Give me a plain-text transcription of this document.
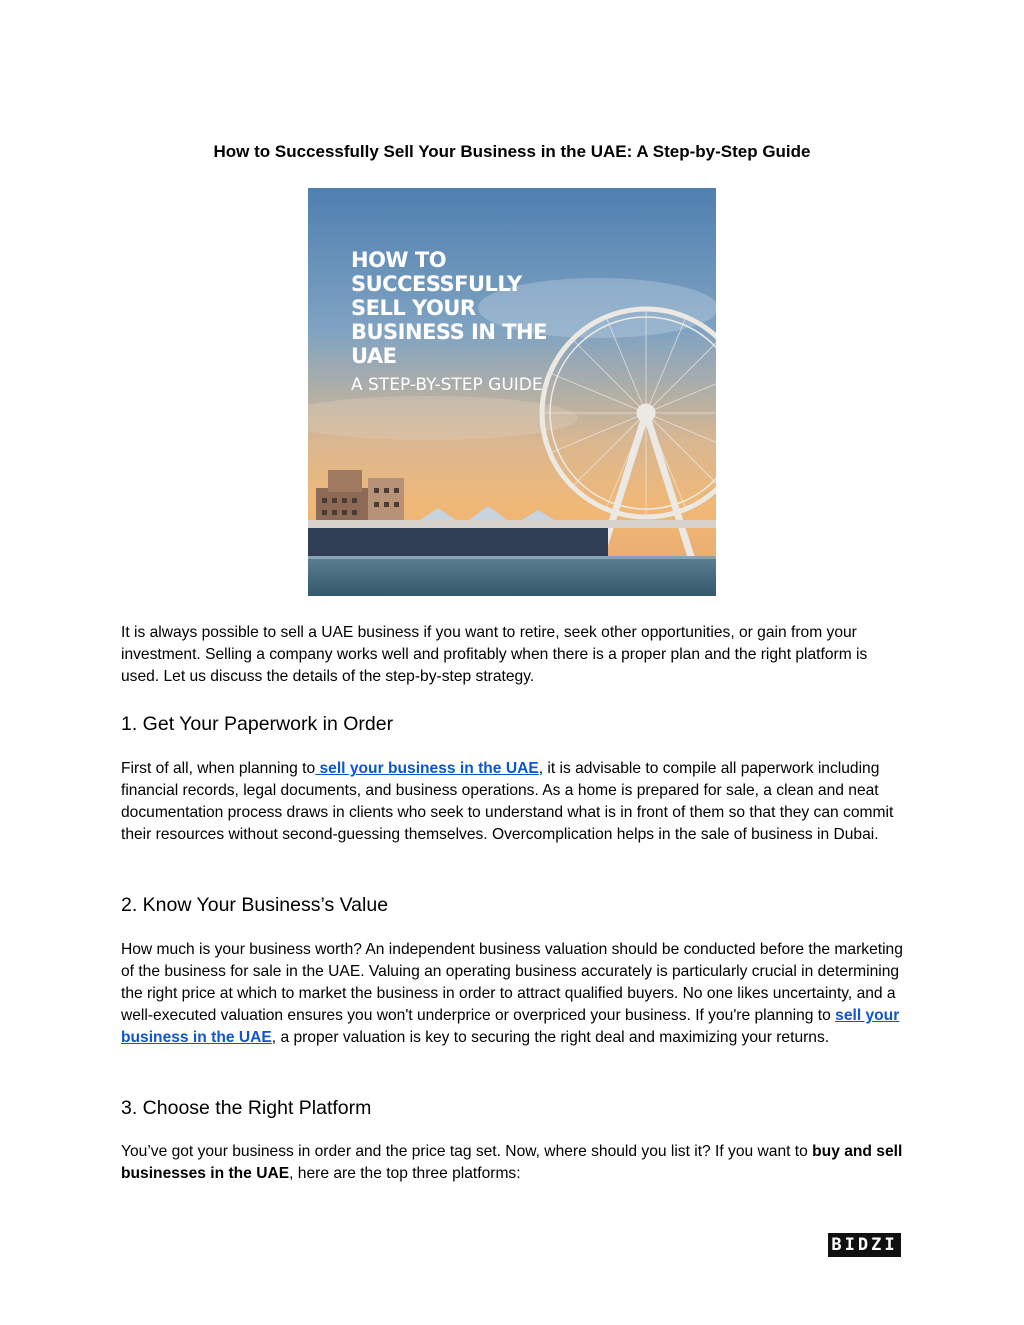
How to Successfully Sell Your Business in the UAE: A Step-by-Step Guide

HOW TO SUCCESSFULLY SELL YOUR BUSINESS IN THE UAE

A STEP-BY-STEP GUIDE

It is always possible to sell a UAE business if you want to retire, seek other opportunities, or gain from your investment. Selling a company works well and profitably when there is a proper plan and the right platform is used. Let us discuss the details of the step-by-step strategy.

1. Get Your Paperwork in Order

First of all, when planning to sell your business in the UAE, it is advisable to compile all paperwork including financial records, legal documents, and business operations. As a home is prepared for sale, a clean and neat documentation process draws in clients who seek to understand what is in front of them so that they can commit their resources without second-guessing themselves. Overcomplication helps in the sale of business in Dubai.

2. Know Your Business’s Value

How much is your business worth? An independent business valuation should be conducted before the marketing of the business for sale in the UAE. Valuing an operating business accurately is particularly crucial in determining the right price at which to market the business in order to attract qualified buyers. No one likes uncertainty, and a well-executed valuation ensures you won't underprice or overpriced your business. If you're planning to sell your business in the UAE, a proper valuation is key to securing the right deal and maximizing your returns.

3. Choose the Right Platform

You’ve got your business in order and the price tag set. Now, where should you list it? If you want to buy and sell businesses in the UAE, here are the top three platforms:

BIDZI
